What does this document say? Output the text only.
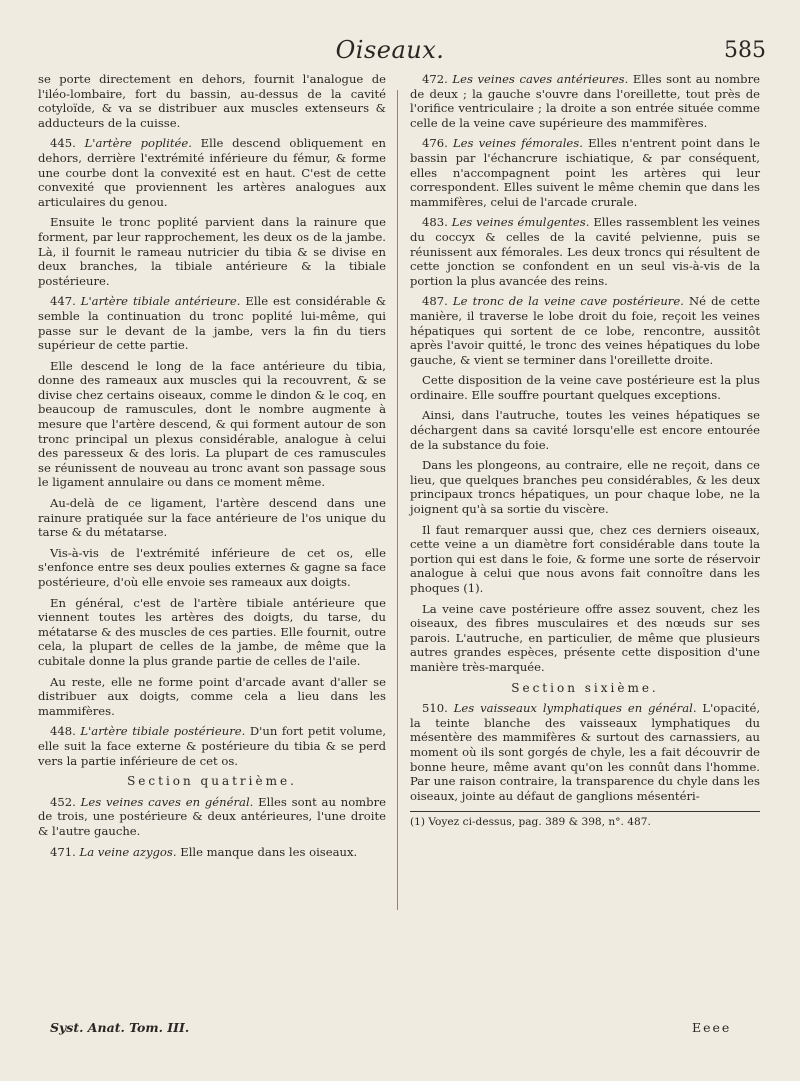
Oiseaux.	585

se porte directement en dehors, fournit l'analogue de l'iléo-lombaire, fort du bassin, au-dessus de la cavité cotyloïde, & va se distribuer aux muscles extenseurs & adducteurs de la cuisse.

445. L'artère poplitée. Elle descend obliquement en dehors, derrière l'extrémité inférieure du fémur, & forme une courbe dont la convexité est en haut. C'est de cette convexité que proviennent les artères analogues aux articulaires du genou.

Ensuite le tronc poplité parvient dans la rainure que forment, par leur rapprochement, les deux os de la jambe. Là, il fournit le rameau nutricier du tibia & se divise en deux branches, la tibiale antérieure & la tibiale postérieure.

447. L'artère tibiale antérieure. Elle est considérable & semble la continuation du tronc poplité lui-même, qui passe sur le devant de la jambe, vers la fin du tiers supérieur de cette partie.

Elle descend le long de la face antérieure du tibia, donne des rameaux aux muscles qui la recouvrent, & se divise chez certains oiseaux, comme le dindon & le coq, en beaucoup de ramuscules, dont le nombre augmente à mesure que l'artère descend, & qui forment autour de son tronc principal un plexus considérable, analogue à celui des paresseux & des loris. La plupart de ces ramuscules se réunissent de nouveau au tronc avant son passage sous le ligament annulaire ou dans ce moment même.

Au-delà de ce ligament, l'artère descend dans une rainure pratiquée sur la face antérieure de l'os unique du tarse & du métatarse.

Vis-à-vis de l'extrémité inférieure de cet os, elle s'enfonce entre ses deux poulies externes & gagne sa face postérieure, d'où elle envoie ses rameaux aux doigts.

En général, c'est de l'artère tibiale antérieure que viennent toutes les artères des doigts, du tarse, du métatarse & des muscles de ces parties. Elle fournit, outre cela, la plupart de celles de la jambe, de même que la cubitale donne la plus grande partie de celles de l'aile.

Au reste, elle ne forme point d'arcade avant d'aller se distribuer aux doigts, comme cela a lieu dans les mammifères.

448. L'artère tibiale postérieure. D'un fort petit volume, elle suit la face externe & postérieure du tibia & se perd vers la partie inférieure de cet os.

Section quatrième.

452. Les veines caves en général. Elles sont au nombre de trois, une postérieure & deux antérieures, l'une droite & l'autre gauche.

471. La veine azygos. Elle manque dans les oiseaux.

472. Les veines caves antérieures. Elles sont au nombre de deux ; la gauche s'ouvre dans l'oreillette, tout près de l'orifice ventriculaire ; la droite a son entrée située comme celle de la veine cave supérieure des mammifères.

476. Les veines fémorales. Elles n'entrent point dans le bassin par l'échancrure ischiatique, & par conséquent, elles n'accompagnent point les artères qui leur correspondent. Elles suivent le même chemin que dans les mammifères, celui de l'arcade crurale.

483. Les veines émulgentes. Elles rassemblent les veines du coccyx & celles de la cavité pelvienne, puis se réunissent aux fémorales. Les deux troncs qui résultent de cette jonction se confondent en un seul vis-à-vis de la portion la plus avancée des reins.

487. Le tronc de la veine cave postérieure. Né de cette manière, il traverse le lobe droit du foie, reçoit les veines hépatiques qui sortent de ce lobe, rencontre, aussitôt après l'avoir quitté, le tronc des veines hépatiques du lobe gauche, & vient se terminer dans l'oreillette droite.

Cette disposition de la veine cave postérieure est la plus ordinaire. Elle souffre pourtant quelques exceptions.

Ainsi, dans l'autruche, toutes les veines hépatiques se déchargent dans sa cavité lorsqu'elle est encore entourée de la substance du foie.

Dans les plongeons, au contraire, elle ne reçoit, dans ce lieu, que quelques branches peu considérables, & les deux principaux troncs hépatiques, un pour chaque lobe, ne la joignent qu'à sa sortie du viscère.

Il faut remarquer aussi que, chez ces derniers oiseaux, cette veine a un diamètre fort considérable dans toute la portion qui est dans le foie, & forme une sorte de réservoir analogue à celui que nous avons fait connoître dans les phoques (1).

La veine cave postérieure offre assez souvent, chez les oiseaux, des fibres musculaires et des nœuds sur ses parois. L'autruche, en particulier, de même que plusieurs autres grandes espèces, présente cette disposition d'une manière très-marquée.

Section sixième.

510. Les vaisseaux lymphatiques en général. L'opacité, la teinte blanche des vaisseaux lymphatiques du mésentère des mammifères & surtout des carnassiers, au moment où ils sont gorgés de chyle, les a fait découvrir de bonne heure, même avant qu'on les connût dans l'homme. Par une raison contraire, la transparence du chyle dans les oiseaux, jointe au défaut de ganglions mésentéri-

(1) Voyez ci-dessus, pag. 389 & 398, n°. 487.

Syst. Anat. Tom. III.	Eeee
